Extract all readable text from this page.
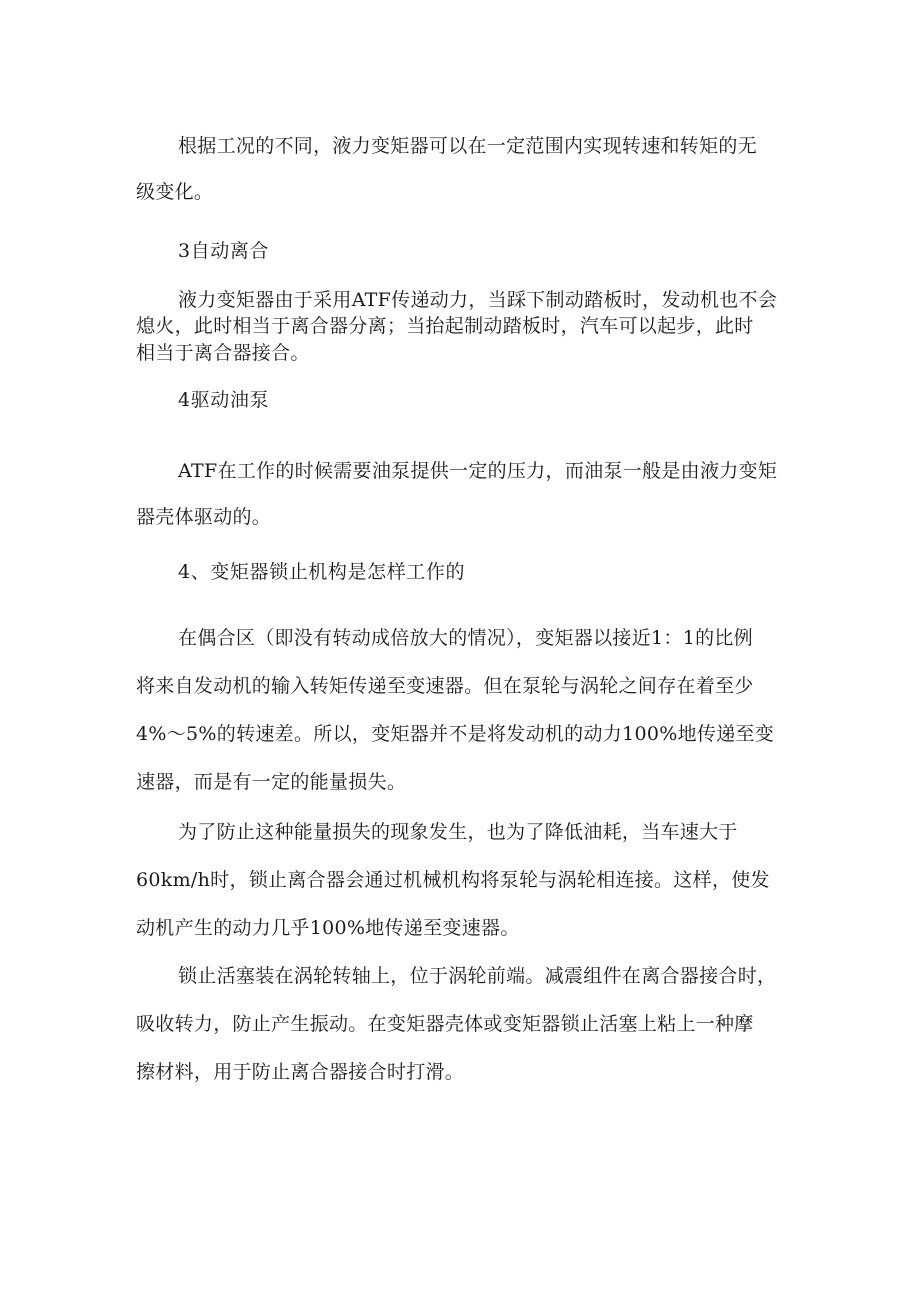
根据工况的不同，液力变矩器可以在一定范围内实现转速和转矩的无
级变化。
3自动离合
液力变矩器由于采用ATF传递动力，当踩下制动踏板时，发动机也不会
熄火，此时相当于离合器分离；当抬起制动踏板时，汽车可以起步，此时
相当于离合器接合。
4驱动油泵
ATF在工作的时候需要油泵提供一定的压力，而油泵一般是由液力变矩
器壳体驱动的。
4、变矩器锁止机构是怎样工作的
在偶合区（即没有转动成倍放大的情况），变矩器以接近1：1的比例
将来自发动机的输入转矩传递至变速器。但在泵轮与涡轮之间存在着至少
4%～5%的转速差。所以，变矩器并不是将发动机的动力100%地传递至变
速器，而是有一定的能量损失。
为了防止这种能量损失的现象发生，也为了降低油耗，当车速大于
60km∕h时，锁止离合器会通过机械机构将泵轮与涡轮相连接。这样，使发
动机产生的动力几乎100%地传递至变速器。
锁止活塞装在涡轮转轴上，位于涡轮前端。减震组件在离合器接合时，
吸收转力，防止产生振动。在变矩器壳体或变矩器锁止活塞上粘上一种摩
擦材料，用于防止离合器接合时打滑。
